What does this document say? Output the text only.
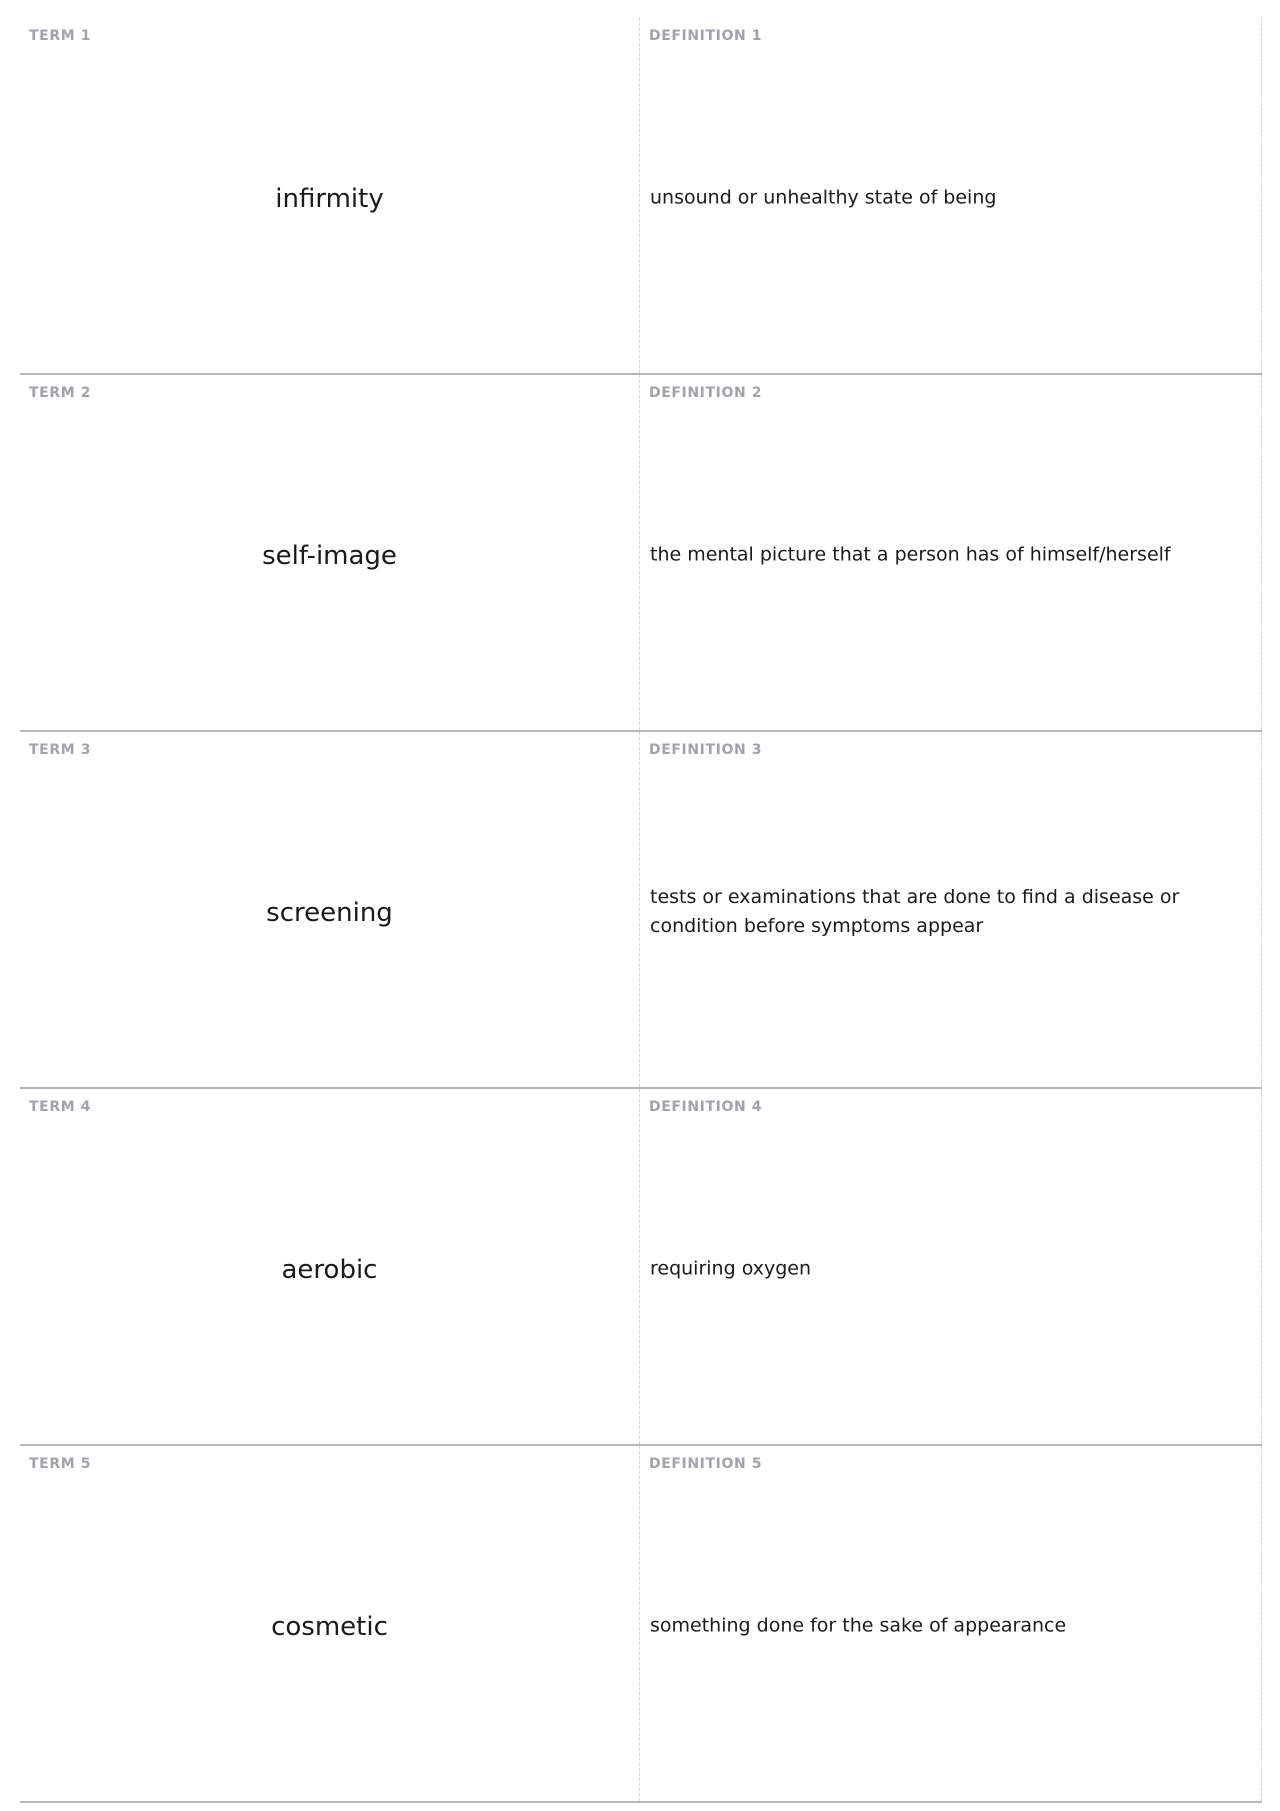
TERM 1
infirmity
DEFINITION 1
unsound or unhealthy state of being
TERM 2
self-image
DEFINITION 2
the mental picture that a person has of himself/herself
TERM 3
screening
DEFINITION 3
tests or examinations that are done to find a disease or condition before symptoms appear
TERM 4
aerobic
DEFINITION 4
requiring oxygen
TERM 5
cosmetic
DEFINITION 5
something done for the sake of appearance
